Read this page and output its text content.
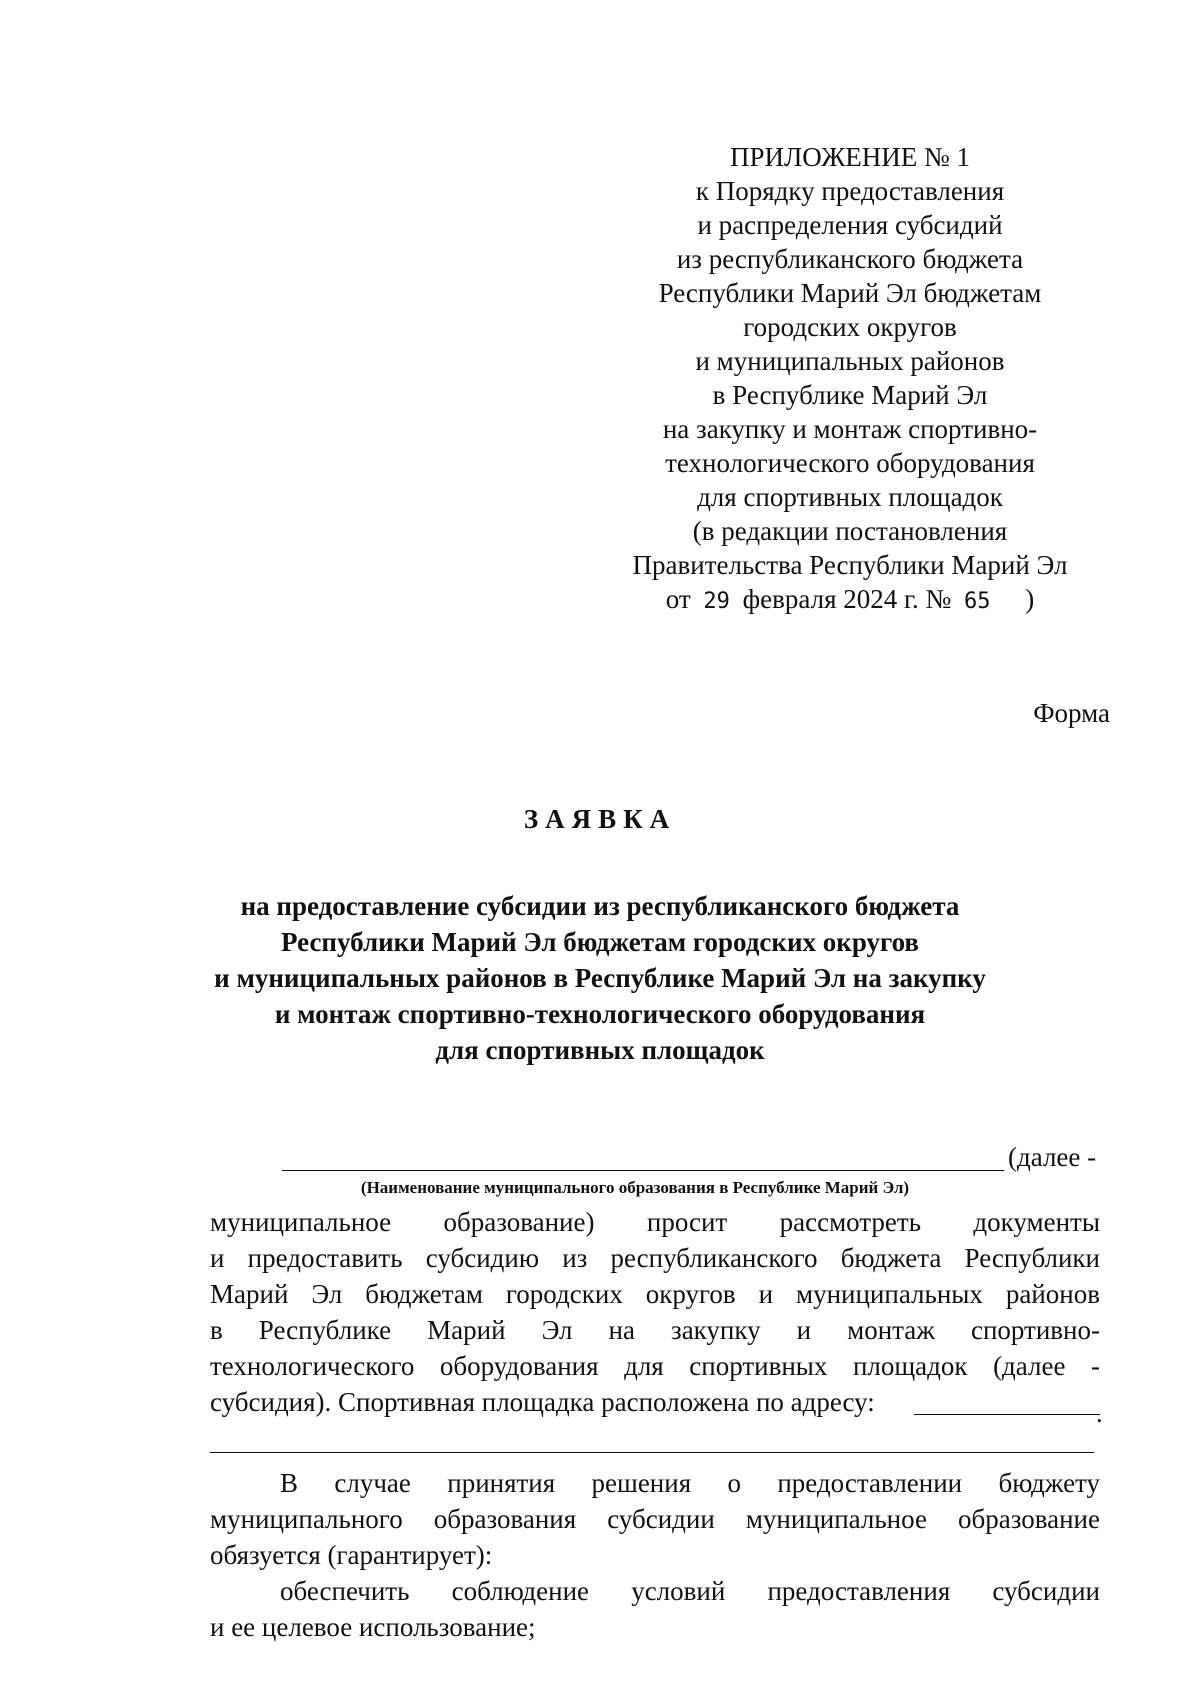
ПРИЛОЖЕНИЕ № 1
к Порядку предоставления
и распределения субсидий
из республиканского бюджета
Республики Марий Эл бюджетам
городских округов
и муниципальных районов
в Республике Марий Эл
на закупку и монтаж спортивно-
технологического оборудования
для спортивных площадок
(в редакции постановления
Правительства Республики Марий Эл
от 29 февраля 2024 г. № 65 )
Форма
ЗАЯВКА
на предоставление субсидии из республиканского бюджета
Республики Марий Эл бюджетам городских округов
и муниципальных районов в Республике Марий Эл на закупку
и монтаж спортивно-технологического оборудования
для спортивных площадок
(далее -
(Наименование муниципального образования в Республике Марий Эл)
муниципальное образование) просит рассмотреть документы
и предоставить субсидию из республиканского бюджета Республики
Марий Эл бюджетам городских округов и муниципальных районов
в Республике Марий Эл на закупку и монтаж спортивно-
технологического оборудования для спортивных площадок (далее -
субсидия). Спортивная площадка расположена по адресу:	.
В случае принятия решения о предоставлении бюджету
муниципального образования субсидии муниципальное образование
обязуется (гарантирует):
обеспечить соблюдение условий предоставления субсидии
и ее целевое использование;
